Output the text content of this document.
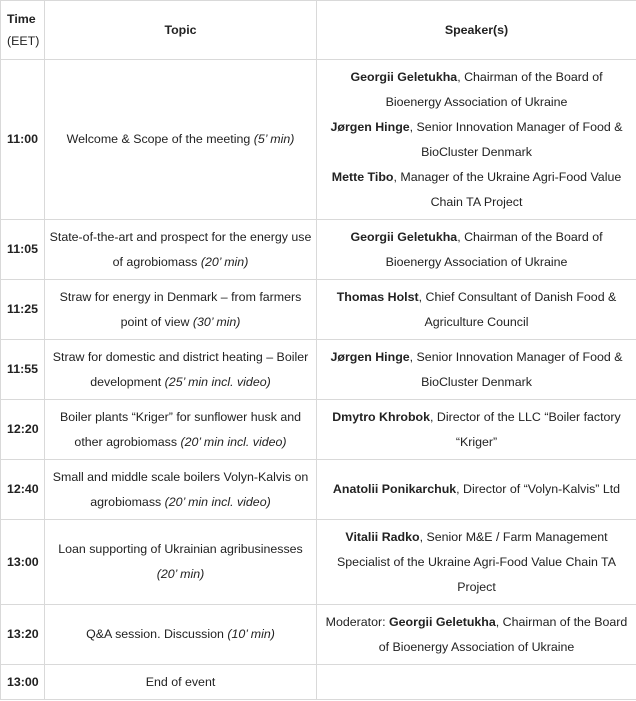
Time
(EET)	Topic	Speaker(s)
11:00	Welcome & Scope of the meeting (5’ min)	Georgii Geletukha, Chairman of the Board of Bioenergy Association of Ukraine
Jørgen Hinge, Senior Innovation Manager of Food & BioCluster Denmark
Mette Tibo, Manager of the Ukraine Agri-Food Value Chain TA Project

11:05	State-of-the-art and prospect for the energy use of agrobiomass (20’ min)	Georgii Geletukha, Chairman of the Board of Bioenergy Association of Ukraine

11:25	Straw for energy in Denmark – from farmers point of view (30’ min)	Thomas Holst, Chief Consultant of Danish Food & Agriculture Council

11:55	Straw for domestic and district heating – Boiler development (25’ min incl. video)	Jørgen Hinge, Senior Innovation Manager of Food & BioCluster Denmark

12:20	Boiler plants “Kriger” for sunflower husk and other agrobiomass (20’ min incl. video)	Dmytro Khrobok, Director of the LLC “Boiler factory “Kriger”

12:40	Small and middle scale boilers Volyn-Kalvis on agrobiomass (20’ min incl. video)	Anatolii Ponikarchuk, Director of “Volyn-Kalvis” Ltd

13:00	Loan supporting of Ukrainian agribusinesses (20’ min)	Vitalii Radko, Senior M&E / Farm Management Specialist of the Ukraine Agri-Food Value Chain TA Project

13:20	Q&A session. Discussion (10’ min)	Moderator: Georgii Geletukha, Chairman of the Board of Bioenergy Association of Ukraine

13:00	End of event	
